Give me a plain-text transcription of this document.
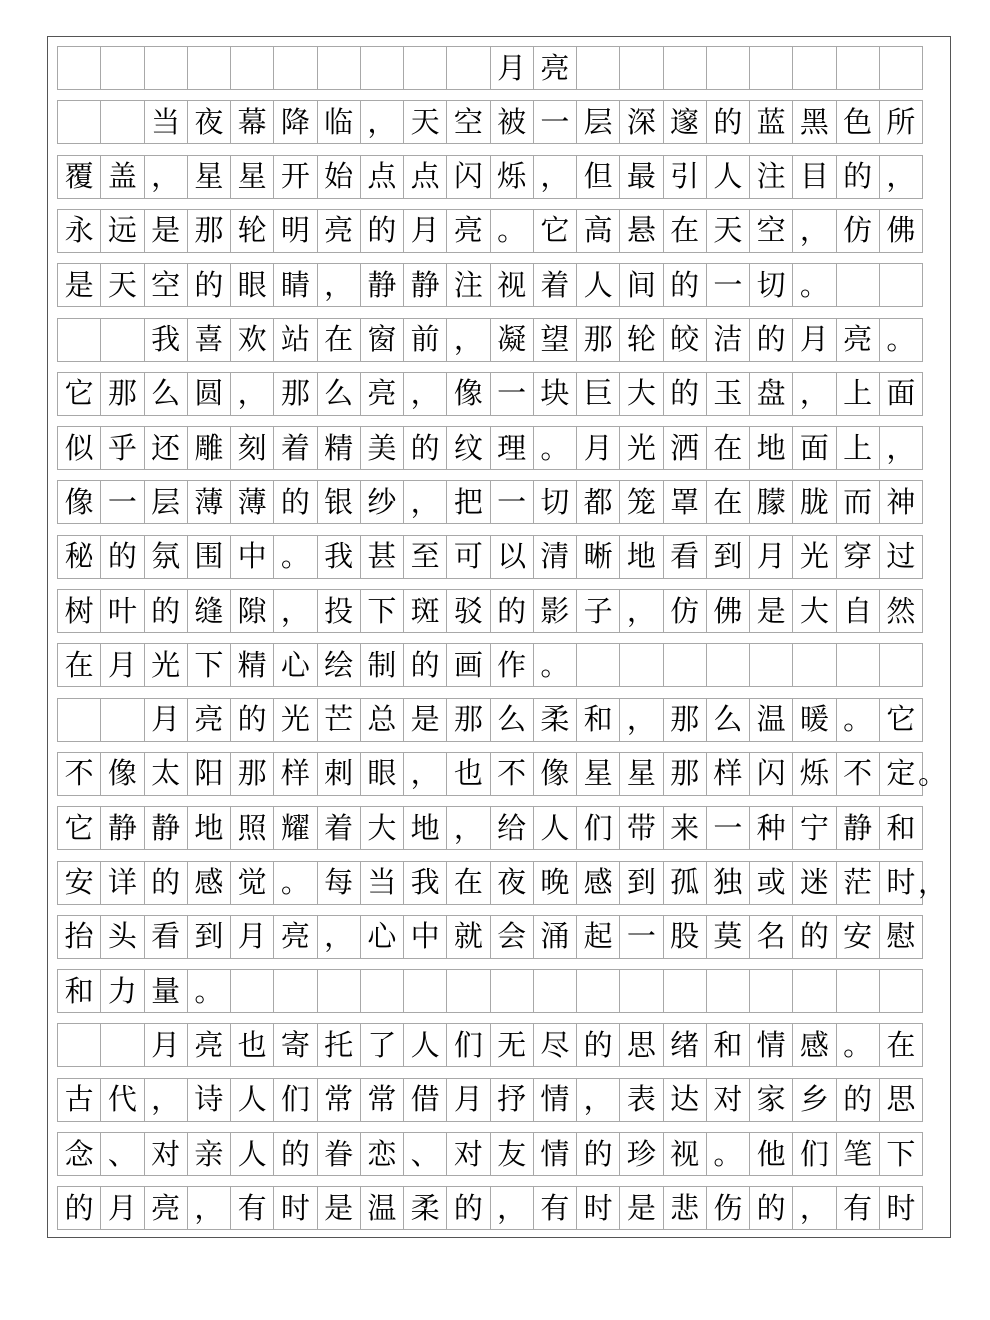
月 亮
当 夜 幕 降 临 ， 天 空 被 一 层 深 邃 的 蓝 黑 色 所
覆 盖 ， 星 星 开 始 点 点 闪 烁 ， 但 最 引 人 注 目 的 ，
永 远 是 那 轮 明 亮 的 月 亮 。 它 高 悬 在 天 空 ， 仿 佛
是 天 空 的 眼 睛 ， 静 静 注 视 着 人 间 的 一 切 。
我 喜 欢 站 在 窗 前 ， 凝 望 那 轮 皎 洁 的 月 亮 。
它 那 么 圆 ， 那 么 亮 ， 像 一 块 巨 大 的 玉 盘 ， 上 面
似 乎 还 雕 刻 着 精 美 的 纹 理 。 月 光 洒 在 地 面 上 ，
像 一 层 薄 薄 的 银 纱 ， 把 一 切 都 笼 罩 在 朦 胧 而 神
秘 的 氛 围 中 。 我 甚 至 可 以 清 晰 地 看 到 月 光 穿 过
树 叶 的 缝 隙 ， 投 下 斑 驳 的 影 子 ， 仿 佛 是 大 自 然
在 月 光 下 精 心 绘 制 的 画 作 。
月 亮 的 光 芒 总 是 那 么 柔 和 ， 那 么 温 暖 。 它
不 像 太 阳 那 样 刺 眼 ， 也 不 像 星 星 那 样 闪 烁 不 定 。
它 静 静 地 照 耀 着 大 地 ， 给 人 们 带 来 一 种 宁 静 和
安 详 的 感 觉 。 每 当 我 在 夜 晚 感 到 孤 独 或 迷 茫 时 ，
抬 头 看 到 月 亮 ， 心 中 就 会 涌 起 一 股 莫 名 的 安 慰
和 力 量 。
月 亮 也 寄 托 了 人 们 无 尽 的 思 绪 和 情 感 。 在
古 代 ， 诗 人 们 常 常 借 月 抒 情 ， 表 达 对 家 乡 的 思
念 、 对 亲 人 的 眷 恋 、 对 友 情 的 珍 视 。 他 们 笔 下
的 月 亮 ， 有 时 是 温 柔 的 ， 有 时 是 悲 伤 的 ， 有 时
